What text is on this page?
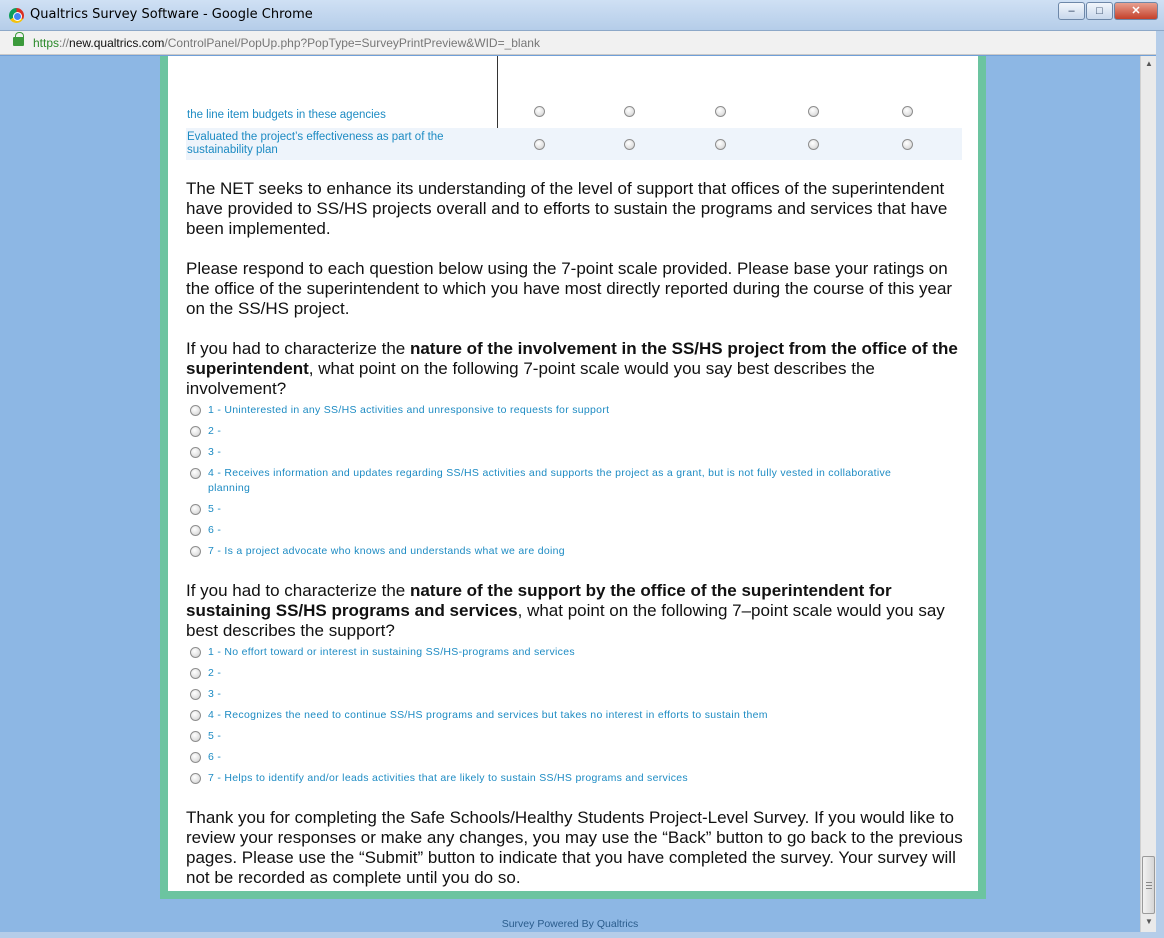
Qualtrics Survey Software - Google Chrome	–	□	✕
https://new.qualtrics.com/ControlPanel/PopUp.php?PopType=SurveyPrintPreview&WID=_blank
the line item budgets in these agencies
Evaluated the project’s effectiveness as part of the sustainability plan
The NET seeks to enhance its understanding of the level of support that offices of the superintendent have provided to SS/HS projects overall and to efforts to sustain the programs and services that have been implemented.
Please respond to each question below using the 7-point scale provided. Please base your ratings on the office of the superintendent to which you have most directly reported during the course of this year on the SS/HS project.
If you had to characterize the nature of the involvement in the SS/HS project from the office of the superintendent, what point on the following 7-point scale would you say best describes the involvement?
1 - Uninterested in any SS/HS activities and unresponsive to requests for support
2 -
3 -
4 - Receives information and updates regarding SS/HS activities and supports the project as a grant, but is not fully vested in collaborative planning
5 -
6 -
7 - Is a project advocate who knows and understands what we are doing
If you had to characterize the nature of the support by the office of the superintendent for sustaining SS/HS programs and services, what point on the following 7–point scale would you say best describes the support?
1 - No effort toward or interest in sustaining SS/HS-programs and services
2 -
3 -
4 - Recognizes the need to continue SS/HS programs and services but takes no interest in efforts to sustain them
5 -
6 -
7 - Helps to identify and/or leads activities that are likely to sustain SS/HS programs and services
Thank you for completing the Safe Schools/Healthy Students Project-Level Survey. If you would like to review your responses or make any changes, you may use the “Back” button to go back to the previous pages. Please use the “Submit” button to indicate that you have completed the survey. Your survey will not be recorded as complete until you do so.
Survey Powered By Qualtrics
▲
▼
